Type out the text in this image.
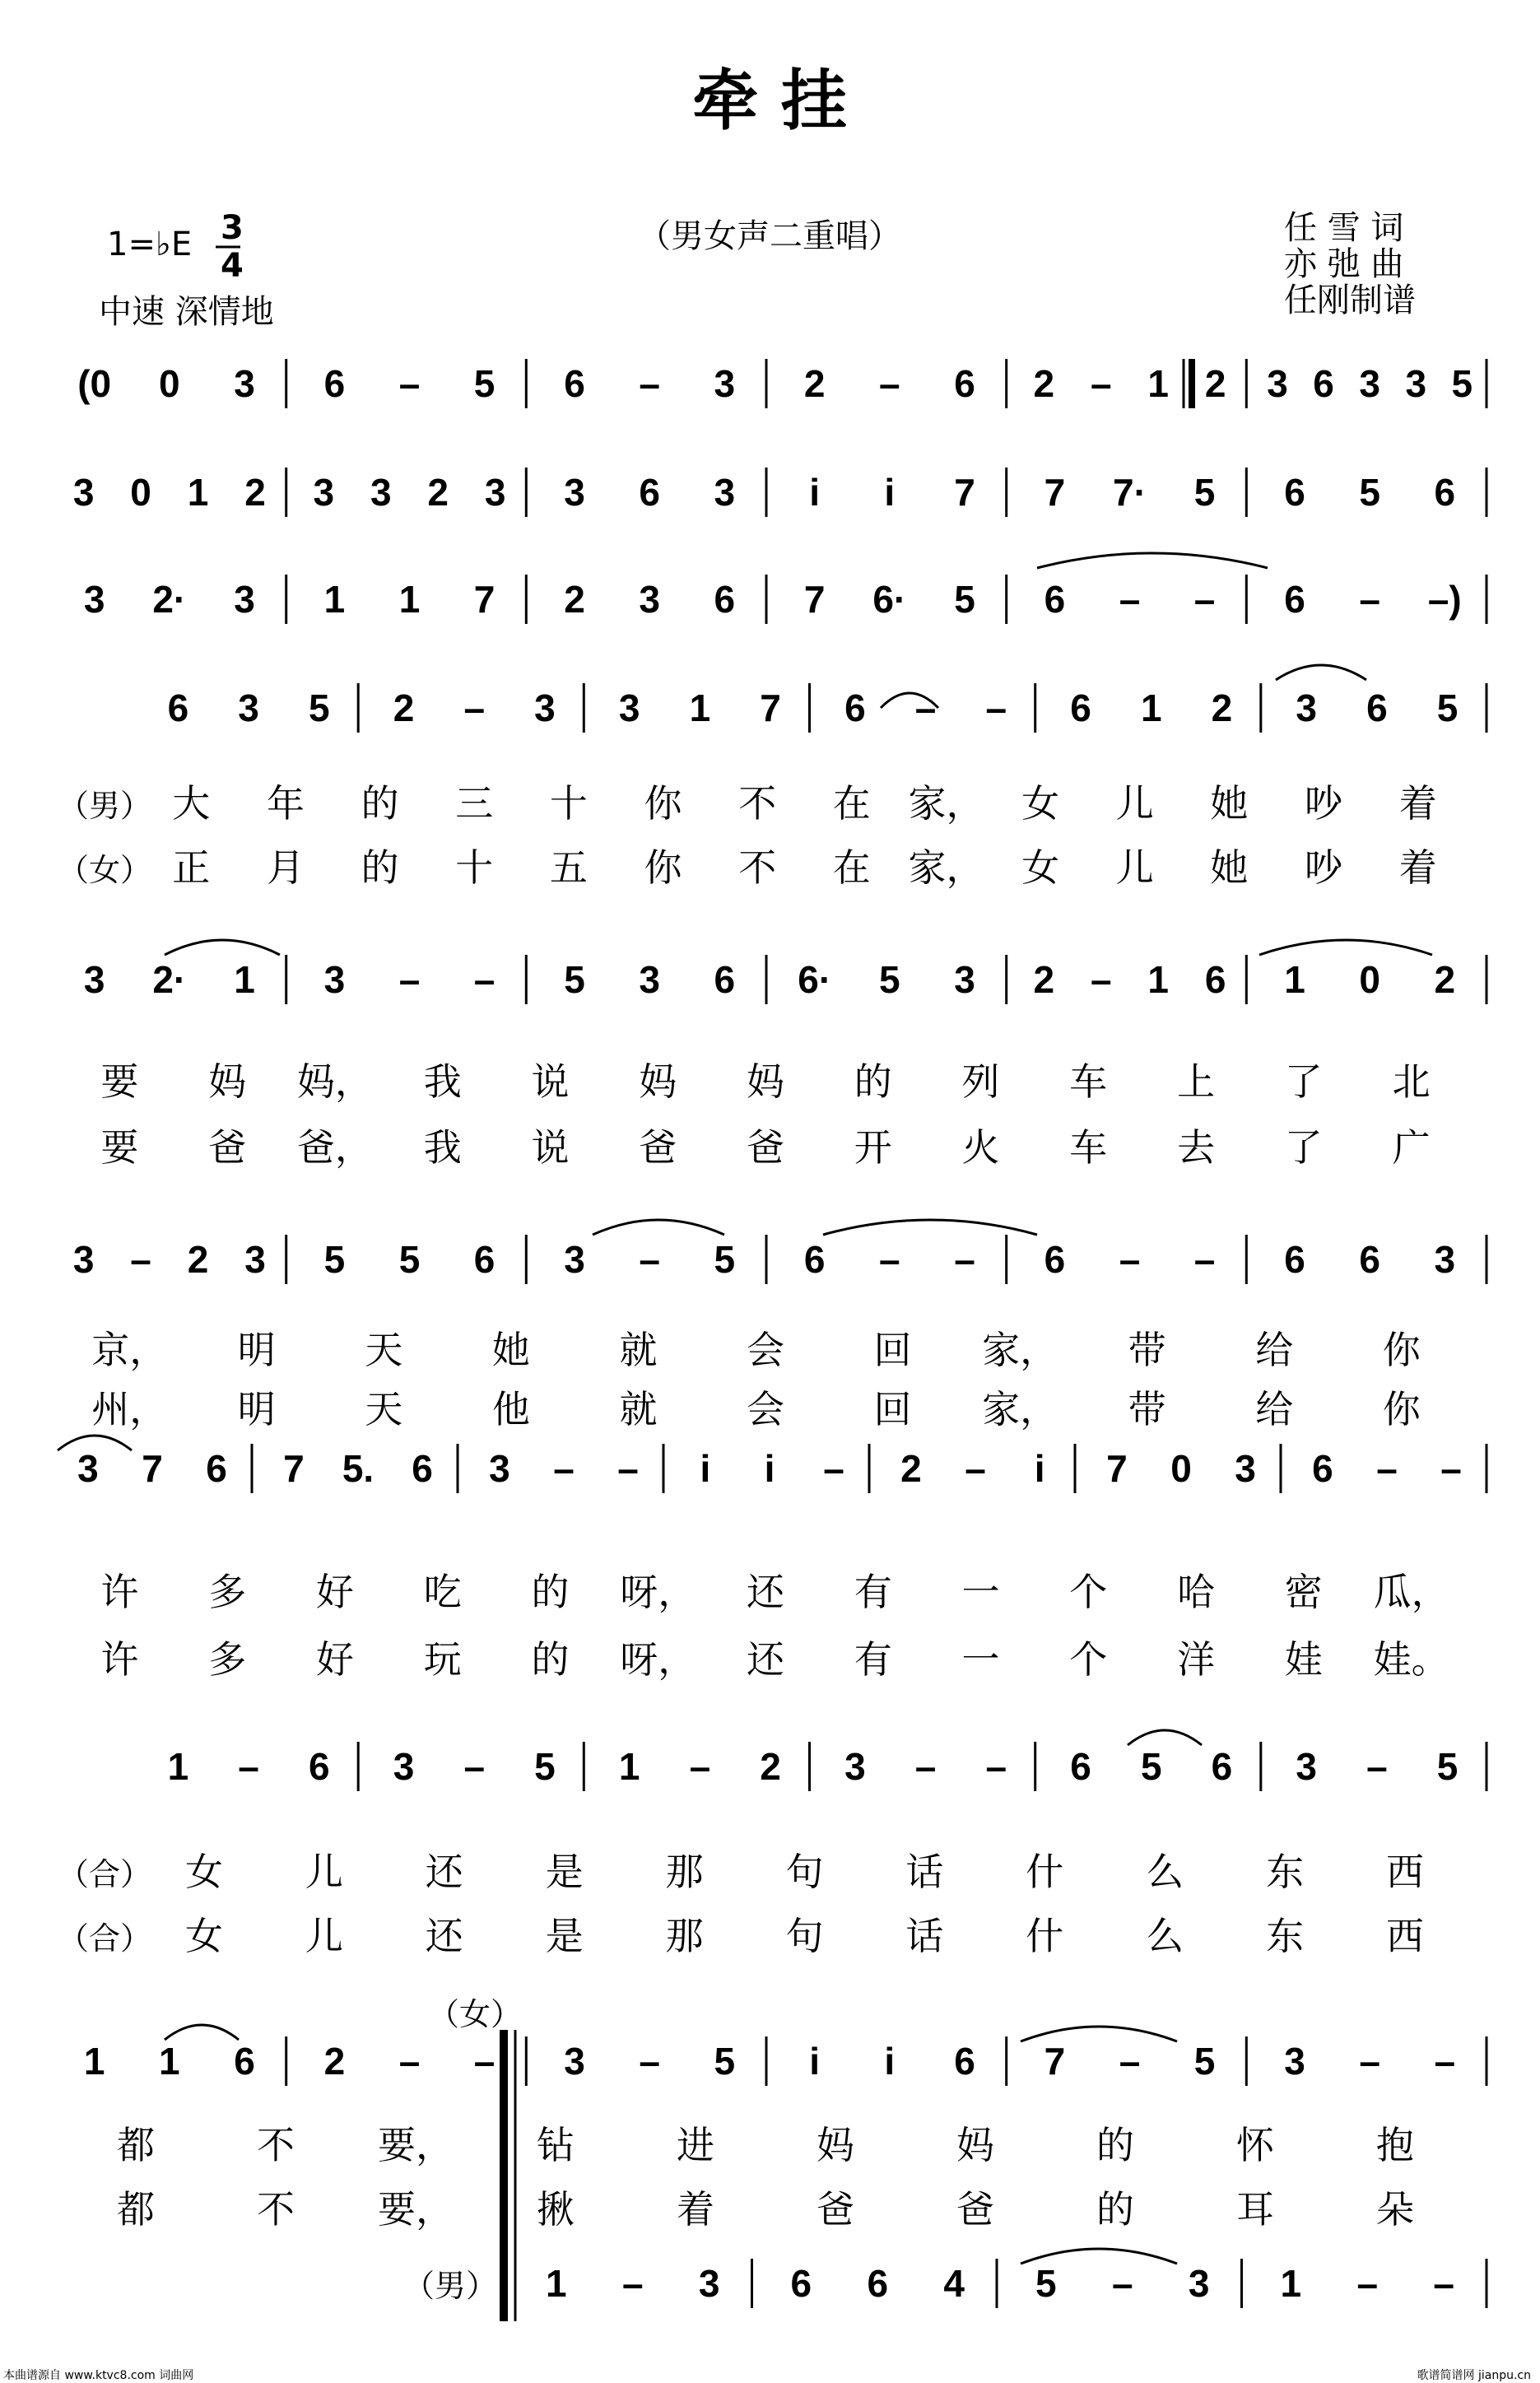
牵 挂
（男女声二重唱）
1=♭E 3
4
中速 深情地
任 雪 词
亦 弛 曲
任刚制谱
(0 0 3 6 – 5 6 – 3 2 – 6 2 – 1 2 3 6 3 3 5
3 0 1 2 3 3 2 3 3 6 3 i i 7 7 7· 5 6 5 6
3 2· 3 1 1 7 2 3 6 7 6· 5 6 – – 6 – –)
6 3 5 2 – 3 3 1 7 6 – – 6 1 2 3 6 5
大 年 的 三 十 你 不 在 家， 女 儿 她 吵 着
正 月 的 十 五 你 不 在 家， 女 儿 她 吵 着
（男）
（女）
3 2· 1 3 – – 5 3 6 6· 5 3 2 – 1 6 1 0 2
要 妈 妈， 我 说 妈 妈 的 列 车 上 了 北
要 爸 爸， 我 说 爸 爸 开 火 车 去 了 广
3 – 2 3 5 5 6 3 – 5 6 – – 6 – – 6 6 3
京， 明 天 她 就 会 回 家， 带 给 你
州， 明 天 他 就 会 回 家， 带 给 你
3 7 6 7 5. 6 3 – – i i – 2 – i 7 0 3 6 – –
许 多 好 吃 的 呀， 还 有 一 个 哈 密 瓜，
许 多 好 玩 的 呀， 还 有 一 个 洋 娃 娃。
1 – 6 3 – 5 1 – 2 3 – – 6 5 6 3 – 5
女 儿 还 是 那 句 话 什 么 东 西
女 儿 还 是 那 句 话 什 么 东 西
（合）
（合）
1 1 6 2 – – 3 – 5 i i 6 7 – 5 3 – –
都	不 要， 钻	进	妈	妈	的	怀	抱
都	不 要， 揪	着	爸	爸	的	耳	朵
（女）
1 – 3 6 6 4 5 – 3 1 – –
（男）
本曲谱源自 www.ktvc8.com 词曲网	歌谱简谱网 jianpu.cn
